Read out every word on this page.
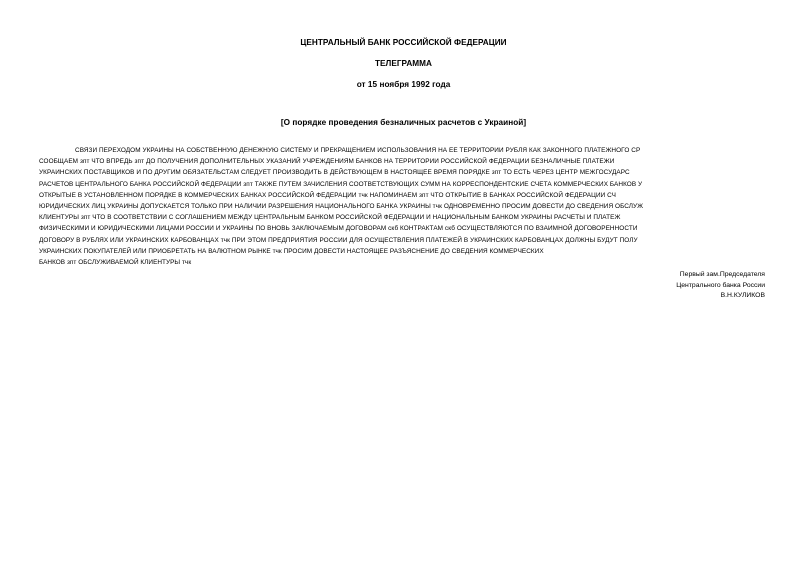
ЦЕНТРАЛЬНЫЙ БАНК РОССИЙСКОЙ ФЕДЕРАЦИИ
ТЕЛЕГРАММА
от 15 ноября 1992 года
[О порядке проведения безналичных расчетов с Украиной]
СВЯЗИ ПЕРЕХОДОМ УКРАИНЫ НА СОБСТВЕННУЮ ДЕНЕЖНУЮ СИСТЕМУ И ПРЕКРАЩЕНИЕМ ИСПОЛЬЗОВАНИЯ НА ЕЕ ТЕРРИТОРИИ РУБЛЯ КАК ЗАКОННОГО ПЛАТЕЖНОГО СР
СООБЩАЕМ зпт ЧТО ВПРЕДЬ зпт ДО ПОЛУЧЕНИЯ ДОПОЛНИТЕЛЬНЫХ УКАЗАНИЙ УЧРЕЖДЕНИЯМ БАНКОВ НА ТЕРРИТОРИИ РОССИЙСКОЙ ФЕДЕРАЦИИ БЕЗНАЛИЧНЫЕ ПЛАТЕЖИ
УКРАИНСКИХ ПОСТАВЩИКОВ И ПО ДРУГИМ ОБЯЗАТЕЛЬСТАМ СЛЕДУЕТ ПРОИЗВОДИТЬ В ДЕЙСТВУЮЩЕМ В НАСТОЯЩЕЕ ВРЕМЯ ПОРЯДКЕ зпт ТО ЕСТЬ ЧЕРЕЗ ЦЕНТР МЕЖГОСУДАРС
РАСЧЕТОВ ЦЕНТРАЛЬНОГО БАНКА РОССИЙСКОЙ ФЕДЕРАЦИИ зпт ТАКЖЕ ПУТЕМ ЗАЧИСЛЕНИЯ СООТВЕТСТВУЮЩИХ СУММ НА КОРРЕСПОНДЕНТСКИЕ СЧЕТА КОММЕРЧЕСКИХ БАНКОВ У
ОТКРЫТЫЕ В УСТАНОВЛЕННОМ ПОРЯДКЕ В КОММЕРЧЕСКИХ БАНКАХ РОССИЙСКОЙ ФЕДЕРАЦИИ тчк НАПОМИНАЕМ зпт ЧТО ОТКРЫТИЕ В БАНКАХ РОССИЙСКОЙ ФЕДЕРАЦИИ СЧ
ЮРИДИЧЕСКИХ ЛИЦ УКРАИНЫ ДОПУСКАЕТСЯ ТОЛЬКО ПРИ НАЛИЧИИ РАЗРЕШЕНИЯ НАЦИОНАЛЬНОГО БАНКА УКРАИНЫ тчк ОДНОВРЕМЕННО ПРОСИМ ДОВЕСТИ ДО СВЕДЕНИЯ ОБСЛУЖ
КЛИЕНТУРЫ зпт ЧТО В СООТВЕТСТВИИ С СОГЛАШЕНИЕМ МЕЖДУ ЦЕНТРАЛЬНЫМ БАНКОМ РОССИЙСКОЙ ФЕДЕРАЦИИ И НАЦИОНАЛЬНЫМ БАНКОМ УКРАИНЫ РАСЧЕТЫ И ПЛАТЕЖ
ФИЗИЧЕСКИМИ И ЮРИДИЧЕСКИМИ ЛИЦАМИ РОССИИ И УКРАИНЫ ПО ВНОВЬ ЗАКЛЮЧАЕМЫМ ДОГОВОРАМ скб КОНТРАКТАМ скб ОСУЩЕСТВЛЯЮТСЯ ПО ВЗАИМНОЙ ДОГОВОРЕННОСТИ
ДОГОВОРУ В РУБЛЯХ ИЛИ УКРАИНСКИХ КАРБОВАНЦАХ тчк ПРИ ЭТОМ ПРЕДПРИЯТИЯ РОССИИ ДЛЯ ОСУЩЕСТВЛЕНИЯ ПЛАТЕЖЕЙ В УКРАИНСКИХ КАРБОВАНЦАХ ДОЛЖНЫ БУДУТ ПОЛУ
УКРАИНСКИХ ПОКУПАТЕЛЕЙ ИЛИ ПРИОБРЕТАТЬ НА ВАЛЮТНОМ РЫНКЕ тчк ПРОСИМ ДОВЕСТИ НАСТОЯЩЕЕ РАЗЪЯСНЕНИЕ ДО СВЕДЕНИЯ КОММЕРЧЕСКИХ
БАНКОВ зпт ОБСЛУЖИВАЕМОЙ КЛИЕНТУРЫ тчк
Первый зам.Председателя
Центрального банка России
В.Н.КУЛИКОВ
